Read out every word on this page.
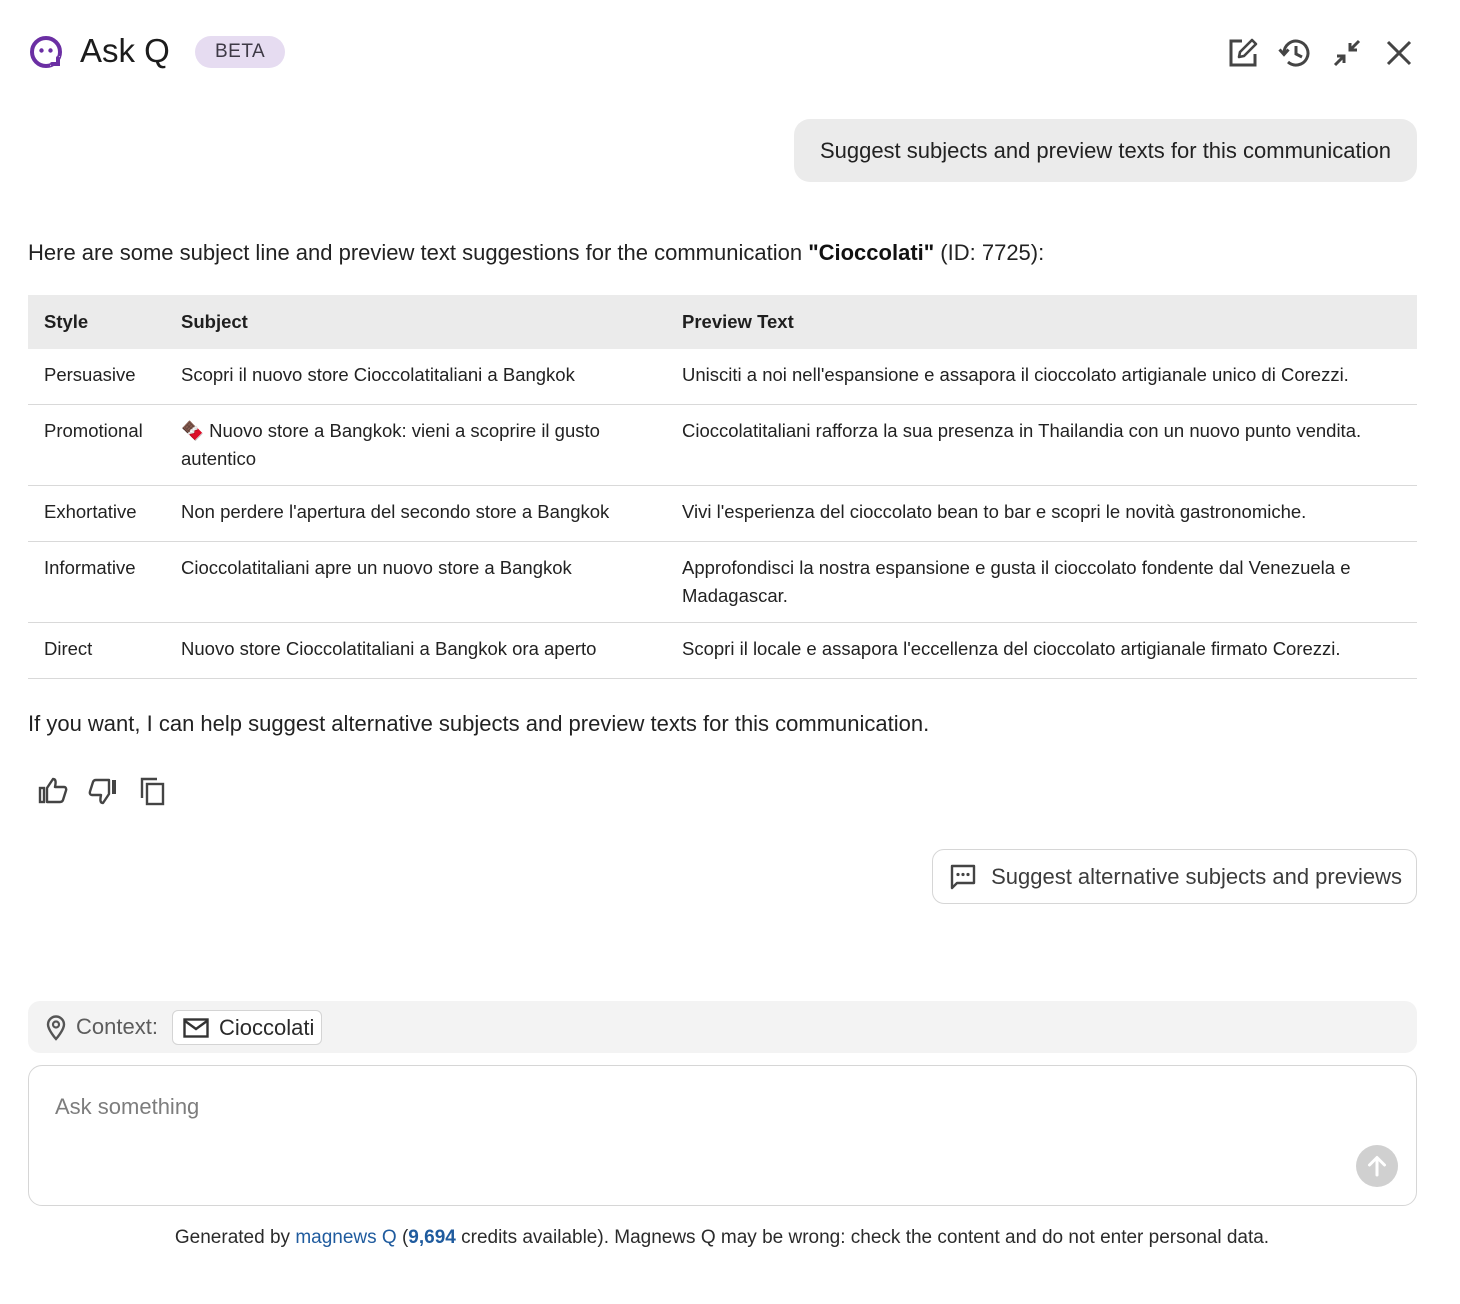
Ask Q	BETA
Suggest subjects and preview texts for this communication
Here are some subject line and preview text suggestions for the communication "Cioccolati" (ID: 7725):
Style	Subject	Preview Text
Persuasive	Scopri il nuovo store Cioccolatitaliani a Bangkok	Unisciti a noi nell'espansione e assapora il cioccolato artigianale unico di Corezzi.
Promotional	🍫 Nuovo store a Bangkok: vieni a scoprire il gusto autentico	Cioccolatitaliani rafforza la sua presenza in Thailandia con un nuovo punto vendita.
Exhortative	Non perdere l'apertura del secondo store a Bangkok	Vivi l'esperienza del cioccolato bean to bar e scopri le novità gastronomiche.
Informative	Cioccolatitaliani apre un nuovo store a Bangkok	Approfondisci la nostra espansione e gusta il cioccolato fondente dal Venezuela e Madagascar.
Direct	Nuovo store Cioccolatitaliani a Bangkok ora aperto	Scopri il locale e assapora l'eccellenza del cioccolato artigianale firmato Corezzi.
If you want, I can help suggest alternative subjects and preview texts for this communication.
Suggest alternative subjects and previews
Context:	Cioccolati
Ask something
Generated by magnews Q (9,694 credits available). Magnews Q may be wrong: check the content and do not enter personal data.
